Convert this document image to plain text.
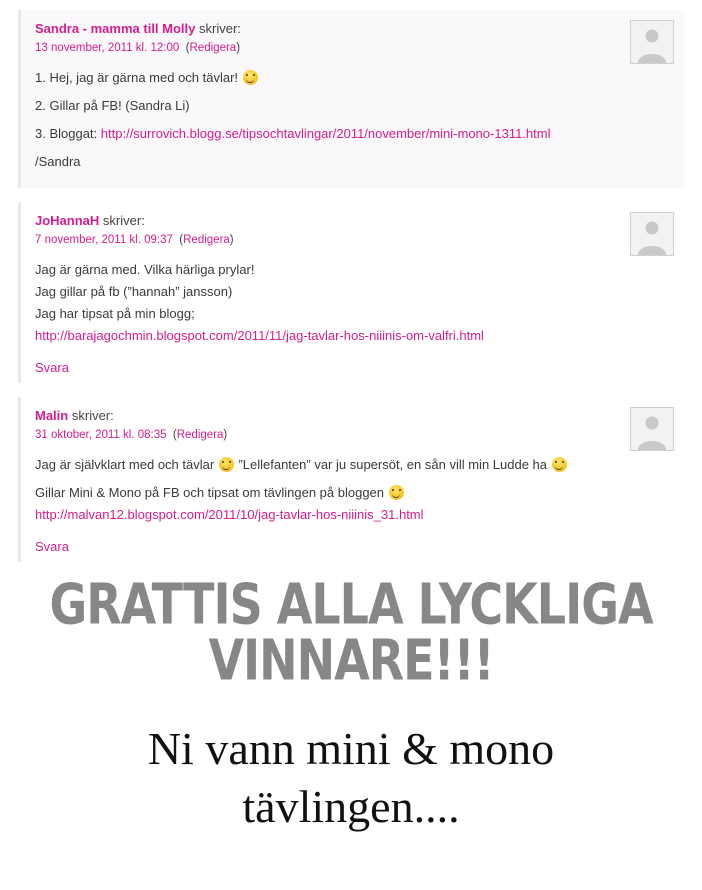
Sandra - mamma till Molly skriver:

13 november, 2011 kl. 12:00  (Redigera)

1. Hej, jag är gärna med och tävlar!

2. Gillar på FB! (Sandra Li)

3. Bloggat: http://surrovich.blogg.se/tipsochtavlingar/2011/november/mini-mono-1311.html

/Sandra

JoHannaH skriver:

7 november, 2011 kl. 09:37  (Redigera)

Jag är gärna med. Vilka härliga prylar!

Jag gillar på fb (”hannah” jansson)

Jag har tipsat på min blogg;

http://barajagochmin.blogspot.com/2011/11/jag-tavlar-hos-niiinis-om-valfri.html

Svara

Malin skriver:

31 oktober, 2011 kl. 08:35  (Redigera)

Jag är självklart med och tävlar ”Lellefanten” var ju supersöt, en sån vill min Ludde ha

Gillar Mini & Mono på FB och tipsat om tävlingen på bloggen

http://malvan12.blogspot.com/2011/10/jag-tavlar-hos-niiinis_31.html

Svara
GRATTIS ALLA LYCKLIGA
VINNARE!!!
Ni vann mini & mono
tävlingen....
